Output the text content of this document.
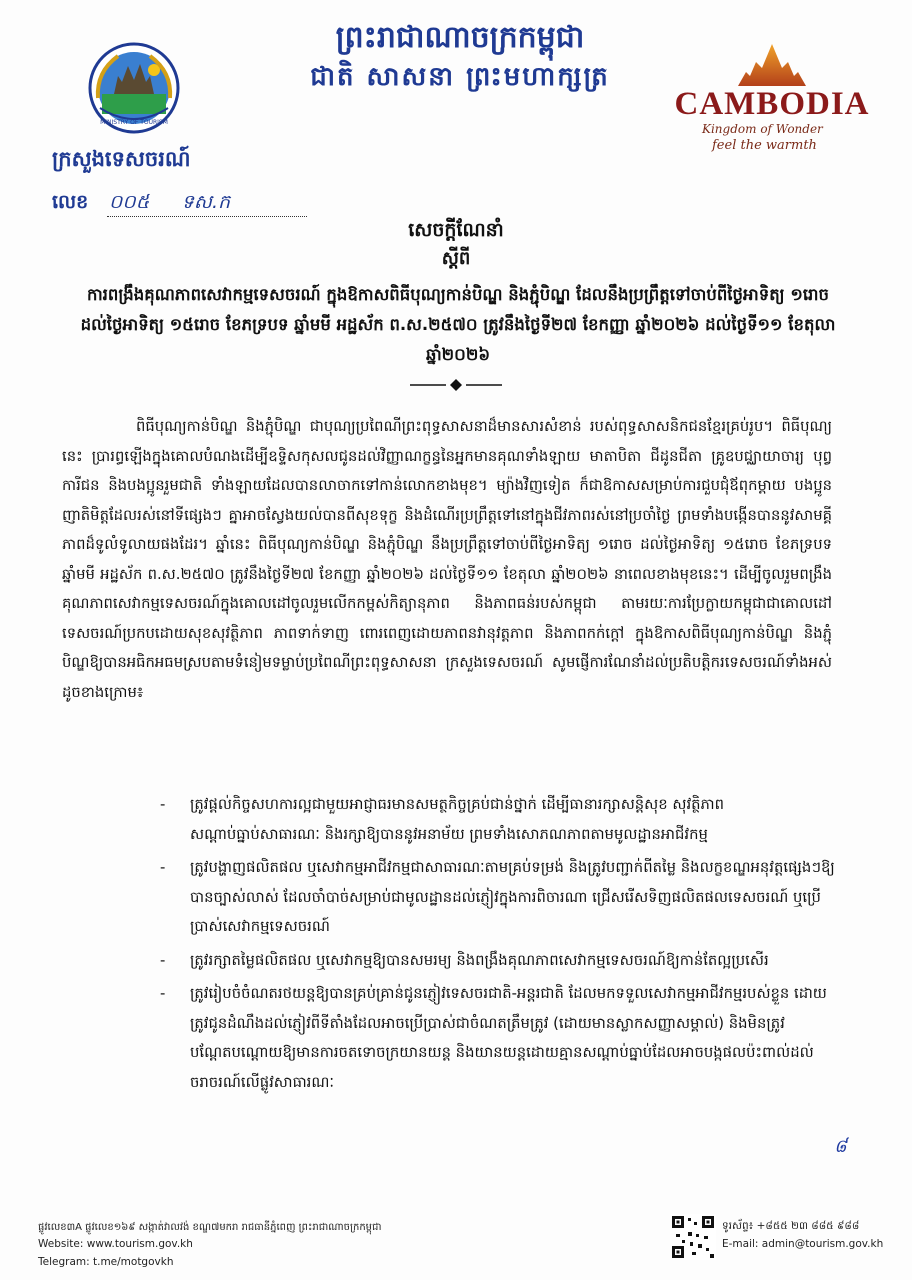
ព្រះរាជាណាចក្រកម្ពុជា
ជាតិ សាសនា ព្រះមហាក្សត្រ
MINISTRY OF TOURISM
ក្រសួងទេសចរណ៍
លេខ ០០៥ ទស.ក
CAMBODIA
Kingdom of Wonder
feel the warmth
សេចក្តីណែនាំ
ស្តីពី
ការពង្រឹងគុណភាពសេវាកម្មទេសចរណ៍ ក្នុងឱកាសពិធីបុណ្យកាន់បិណ្ឌ និងភ្ជុំបិណ្ឌ ដែលនឹងប្រព្រឹត្តទៅចាប់ពីថ្ងៃអាទិត្យ ១រោច ដល់ថ្ងៃអាទិត្យ ១៥រោច ខែភទ្របទ ឆ្នាំមមី អដ្ឋស័ក ព.ស.២៥៧០ ត្រូវនឹងថ្ងៃទី២៧ ខែកញ្ញា ឆ្នាំ២០២៦ ដល់ថ្ងៃទី១១ ខែតុលា ឆ្នាំ២០២៦
ពិធីបុណ្យកាន់បិណ្ឌ និងភ្ជុំបិណ្ឌ ជាបុណ្យប្រពៃណីព្រះពុទ្ធសាសនាដ៏មានសារសំខាន់ របស់ពុទ្ធសាសនិកជនខ្មែរគ្រប់រូប។ ពិធីបុណ្យនេះ ប្រារព្ធឡើងក្នុងគោលបំណងដើម្បីឧទ្ទិសកុសលជូនដល់វិញ្ញាណក្ខន្ធនៃអ្នកមានគុណទាំងឡាយ មាតាបិតា ជីដូនជីតា គ្រូឧបជ្ឈាយាចារ្យ បុព្វការីជន និងបងប្អូនរួមជាតិ ទាំងឡាយដែលបានលាចាកទៅកាន់លោកខាងមុខ។ ម្យ៉ាងវិញទៀត ក៏ជាឱកាសសម្រាប់ការជួបជុំឪពុកម្តាយ បងប្អូន ញាតិមិត្តដែលរស់នៅទីផ្សេងៗ គ្នាអាចស្វែងយល់បានពីសុខទុក្ខ និងដំណើរប្រព្រឹត្តទៅនៅក្នុងជីវភាពរស់នៅប្រចាំថ្ងៃ ព្រមទាំងបង្កើនបាននូវសាមគ្គីភាពដ៏ទូលំទូលាយផងដែរ។ ឆ្នាំនេះ ពិធីបុណ្យកាន់បិណ្ឌ និងភ្ជុំបិណ្ឌ នឹងប្រព្រឹត្តទៅចាប់ពីថ្ងៃអាទិត្យ ១រោច ដល់ថ្ងៃអាទិត្យ ១៥រោច ខែភទ្របទ ឆ្នាំមមី អដ្ឋស័ក ព.ស.២៥៧០ ត្រូវនឹងថ្ងៃទី២៧ ខែកញ្ញា ឆ្នាំ២០២៦ ដល់ថ្ងៃទី១១ ខែតុលា ឆ្នាំ២០២៦ នាពេលខាងមុខនេះ។ ដើម្បីចូលរួមពង្រឹងគុណភាពសេវាកម្មទេសចរណ៍ក្នុងគោលដៅចូលរួមលើកកម្ពស់កិត្យានុភាព និងភាពធន់របស់កម្ពុជា តាមរយៈការប្រែក្លាយកម្ពុជាជាគោលដៅទេសចរណ៍ប្រកបដោយសុខសុវត្ថិភាព ភាពទាក់ទាញ ពោរពេញដោយភាពនវានុវត្តភាព និងភាពកក់ក្តៅ ក្នុងឱកាសពិធីបុណ្យកាន់បិណ្ឌ និងភ្ជុំបិណ្ឌឱ្យបានអធិកអធមស្របតាមទំនៀមទម្លាប់ប្រពៃណីព្រះពុទ្ធសាសនា ក្រសួងទេសចរណ៍ សូមផ្ញើការណែនាំដល់ប្រតិបត្តិករទេសចរណ៍ទាំងអស់ ដូចខាងក្រោម៖
- ត្រូវផ្តល់កិច្ចសហការល្អជាមួយអាជ្ញាធរមានសមត្ថកិច្ចគ្រប់ជាន់ថ្នាក់ ដើម្បីធានារក្សាសន្តិសុខ សុវត្ថិភាព សណ្តាប់ធ្នាប់សាធារណៈ និងរក្សាឱ្យបាននូវអនាម័យ ព្រមទាំងសោភណភាពតាមមូលដ្ឋានអាជីវកម្ម
- ត្រូវបង្ហាញផលិតផល ឬសេវាកម្មអាជីវកម្មជាសាធារណៈតាមគ្រប់ទម្រង់ និងត្រូវបញ្ជាក់ពីតម្លៃ និងលក្ខខណ្ឌអនុវត្តផ្សេងៗឱ្យបានច្បាស់លាស់ ដែលចាំបាច់សម្រាប់ជាមូលដ្ឋានដល់ភ្ញៀវក្នុងការពិចារណា ជ្រើសរើសទិញផលិតផលទេសចរណ៍ ឬប្រើប្រាស់សេវាកម្មទេសចរណ៍
- ត្រូវរក្សាតម្លៃផលិតផល ឬសេវាកម្មឱ្យបានសមរម្យ និងពង្រឹងគុណភាពសេវាកម្មទេសចរណ៍ឱ្យកាន់តែល្អប្រសើរ
- ត្រូវរៀបចំចំណតរថយន្តឱ្យបានគ្រប់គ្រាន់ជូនភ្ញៀវទេសចរជាតិ-អន្តរជាតិ ដែលមកទទួលសេវាកម្មអាជីវកម្មរបស់ខ្លួន ដោយត្រូវជូនដំណឹងដល់ភ្ញៀវពីទីតាំងដែលអាចប្រើប្រាស់ជាចំណតត្រឹមត្រូវ (ដោយមានស្លាកសញ្ញាសម្គាល់) និងមិនត្រូវបណ្តែតបណ្តោយឱ្យមានការចតទោចក្រយានយន្ត និងយានយន្តដោយគ្មានសណ្តាប់ធ្នាប់ដែលអាចបង្កផលប៉ះពាល់ដល់ចរាចរណ៍លើផ្លូវសាធារណៈ
៨
ផ្លូវលេខ៣A ផ្លូវលេខ១៦៩ សង្កាត់វាលវង់ ខណ្ឌ៧មករា រាជធានីភ្នំពេញ ព្រះរាជាណាចក្រកម្ពុជា
Website: www.tourism.gov.kh
Telegram: t.me/motgovkh
ទូរស័ព្ទ៖ +៨៥៥ ២៣ ៨៨៥ ៩៨៨
E-mail: admin@tourism.gov.kh
